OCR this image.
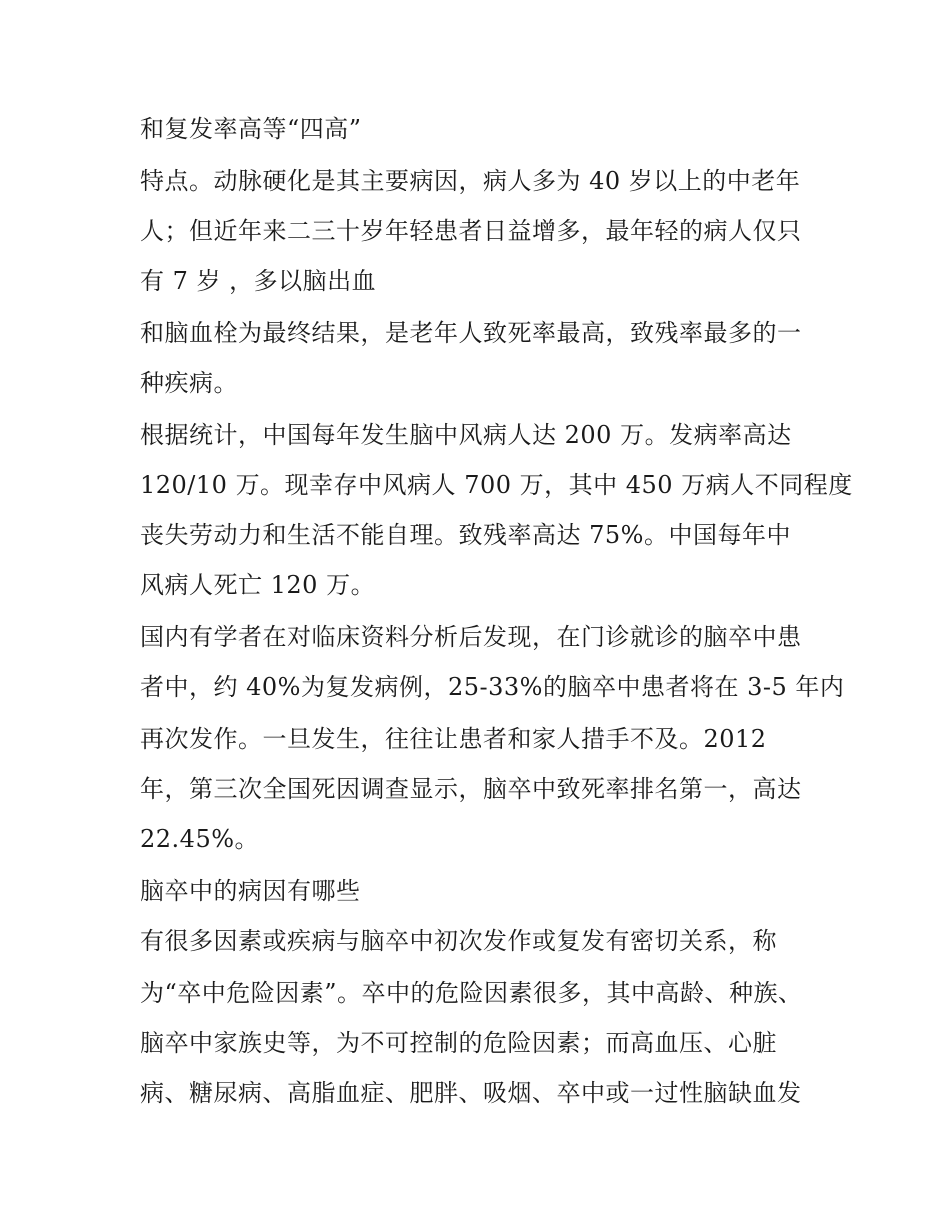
和复发率高等“四高”

特点。动脉硬化是其主要病因，病人多为 40 岁以上的中老年

人；但近年来二三十岁年轻患者日益增多，最年轻的病人仅只

有 7 岁 ，多以脑出血

和脑血栓为最终结果，是老年人致死率最高，致残率最多的一

种疾病。

根据统计，中国每年发生脑中风病人达 200 万。发病率高达

120/10 万。现幸存中风病人 700 万，其中 450 万病人不同程度

丧失劳动力和生活不能自理。致残率高达 75%。中国每年中

风病人死亡 120 万。

国内有学者在对临床资料分析后发现，在门诊就诊的脑卒中患

者中，约 40%为复发病例，25-33%的脑卒中患者将在 3-5 年内

再次发作。一旦发生，往往让患者和家人措手不及。2012

年，第三次全国死因调查显示，脑卒中致死率排名第一，高达

22.45%。

脑卒中的病因有哪些

有很多因素或疾病与脑卒中初次发作或复发有密切关系，称

为“卒中危险因素”。卒中的危险因素很多，其中高龄、种族、

脑卒中家族史等，为不可控制的危险因素；而高血压、心脏

病、糖尿病、高脂血症、肥胖、吸烟、卒中或一过性脑缺血发
